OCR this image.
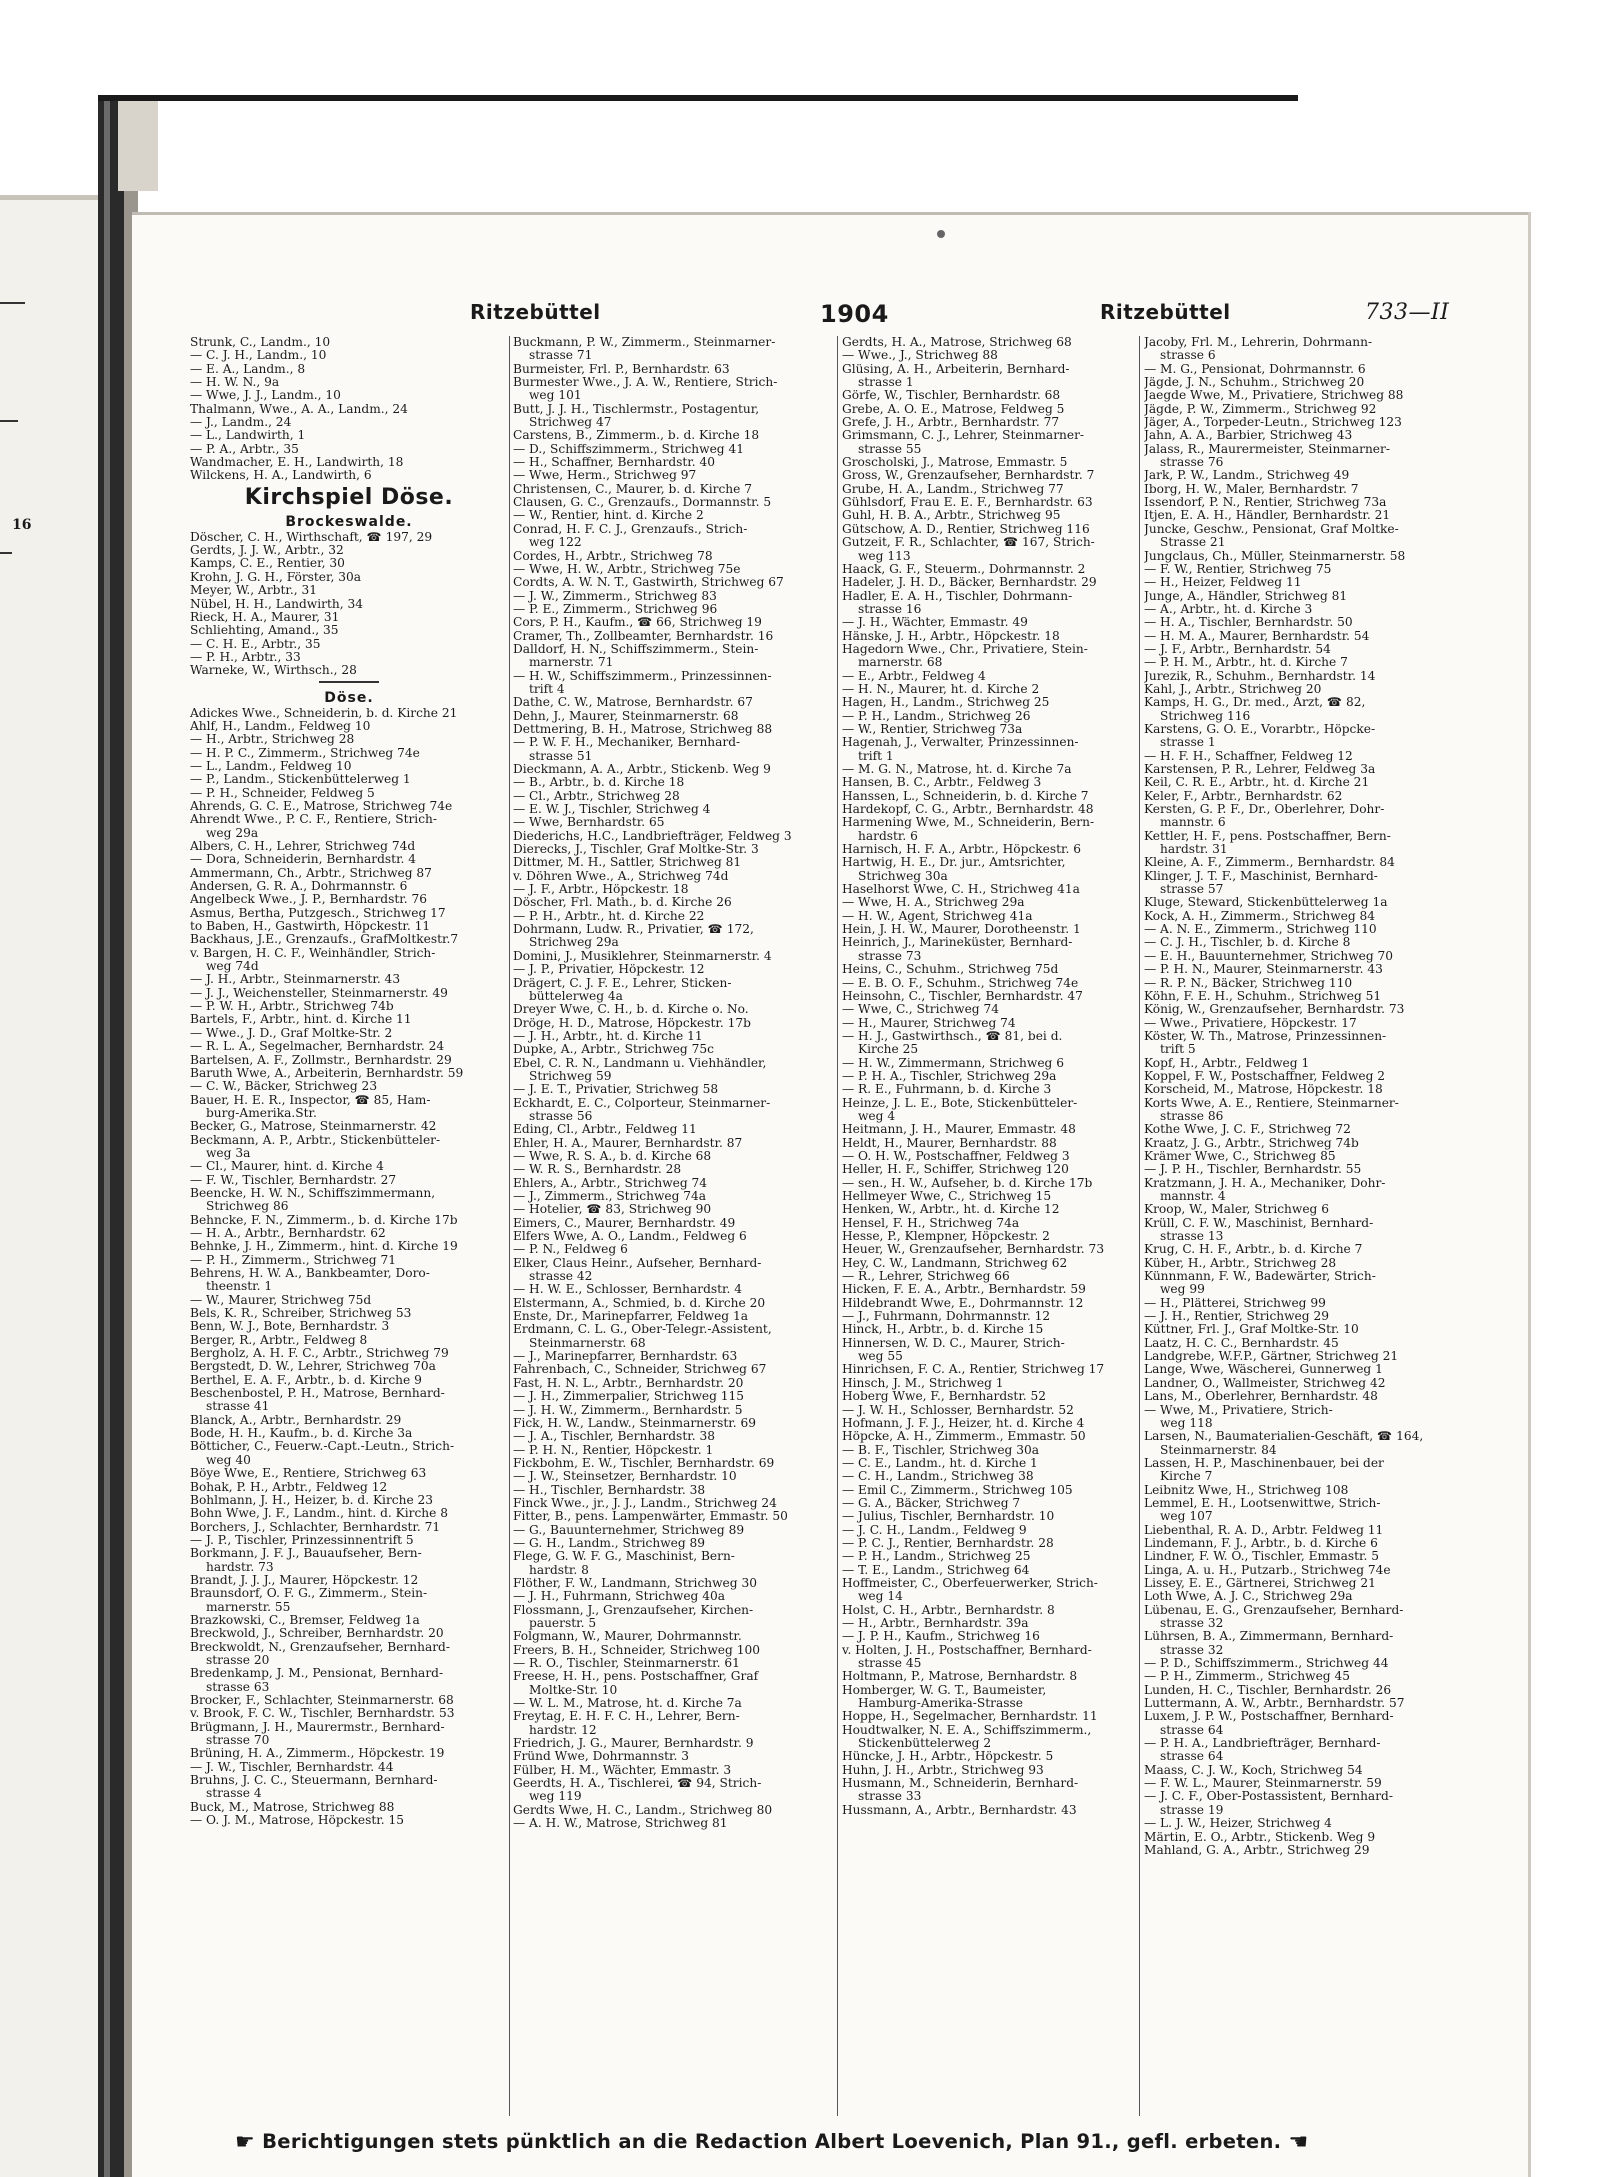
16
Ritzebüttel	1904	Ritzebüttel	733—II
Strunk, C., Landm., 10
— C. J. H., Landm., 10
— E. A., Landm., 8
— H. W. N., 9a
— Wwe, J. J., Landm., 10
Thalmann, Wwe., A. A., Landm., 24
— J., Landm., 24
— L., Landwirth, 1
— P. A., Arbtr., 35
Wandmacher, E. H., Landwirth, 18
Wilckens, H. A., Landwirth, 6
Kirchspiel Döse.
Brockeswalde.
Döscher, C. H., Wirthschaft, ☎ 197, 29
Gerdts, J. J. W., Arbtr., 32
Kamps, C. E., Rentier, 30
Krohn, J. G. H., Förster, 30a
Meyer, W., Arbtr., 31
Nübel, H. H., Landwirth, 34
Rieck, H. A., Maurer, 31
Schliehting, Amand., 35
— C. H. E., Arbtr., 35
— P. H., Arbtr., 33
Warneke, W., Wirthsch., 28
Döse.
Adickes Wwe., Schneiderin, b. d. Kirche 21
Ahlf, H., Landm., Feldweg 10
— H., Arbtr., Strichweg 28
— H. P. C., Zimmerm., Strichweg 74e
— L., Landm., Feldweg 10
— P., Landm., Stickenbüttelerweg 1
— P. H., Schneider, Feldweg 5
Ahrends, G. C. E., Matrose, Strichweg 74e
Ahrendt Wwe., P. C. F., Rentiere, Strich-
weg 29a
Albers, C. H., Lehrer, Strichweg 74d
— Dora, Schneiderin, Bernhardstr. 4
Ammermann, Ch., Arbtr., Strichweg 87
Andersen, G. R. A., Dohrmannstr. 6
Angelbeck Wwe., J. P., Bernhardstr. 76
Asmus, Bertha, Putzgesch., Strichweg 17
to Baben, H., Gastwirth, Höpckestr. 11
Backhaus, J.E., Grenzaufs., GrafMoltkestr.7
v. Bargen, H. C. F., Weinhändler, Strich-
weg 74d
— J. H., Arbtr., Steinmarnerstr. 43
— J. J., Weichensteller, Steinmarnerstr. 49
— P. W. H., Arbtr., Strichweg 74b
Bartels, F., Arbtr., hint. d. Kirche 11
— Wwe., J. D., Graf Moltke-Str. 2
— R. L. A., Segelmacher, Bernhardstr. 24
Bartelsen, A. F., Zollmstr., Bernhardstr. 29
Baruth Wwe, A., Arbeiterin, Bernhardstr. 59
— C. W., Bäcker, Strichweg 23
Bauer, H. E. R., Inspector, ☎ 85, Ham-
burg-Amerika.Str.
Becker, G., Matrose, Steinmarnerstr. 42
Beckmann, A. P., Arbtr., Stickenbütteler-
weg 3a
— Cl., Maurer, hint. d. Kirche 4
— F. W., Tischler, Bernhardstr. 27
Beencke, H. W. N., Schiffszimmermann,
Strichweg 86
Behncke, F. N., Zimmerm., b. d. Kirche 17b
— H. A., Arbtr., Bernhardstr. 62
Behnke, J. H., Zimmerm., hint. d. Kirche 19
— P. H., Zimmerm., Strichweg 71
Behrens, H. W. A., Bankbeamter, Doro-
theenstr. 1
— W., Maurer, Strichweg 75d
Bels, K. R., Schreiber, Strichweg 53
Benn, W. J., Bote, Bernhardstr. 3
Berger, R., Arbtr., Feldweg 8
Bergholz, A. H. F. C., Arbtr., Strichweg 79
Bergstedt, D. W., Lehrer, Strichweg 70a
Berthel, E. A. F., Arbtr., b. d. Kirche 9
Beschenbostel, P. H., Matrose, Bernhard-
strasse 41
Blanck, A., Arbtr., Bernhardstr. 29
Bode, H. H., Kaufm., b. d. Kirche 3a
Bötticher, C., Feuerw.-Capt.-Leutn., Strich-
weg 40
Böye Wwe, E., Rentiere, Strichweg 63
Bohak, P. H., Arbtr., Feldweg 12
Bohlmann, J. H., Heizer, b. d. Kirche 23
Bohn Wwe, J. F., Landm., hint. d. Kirche 8
Borchers, J., Schlachter, Bernhardstr. 71
— J. P., Tischler, Prinzessinnentrift 5
Borkmann, J. F. J., Bauaufseher, Bern-
hardstr. 73
Brandt, J. J. J., Maurer, Höpckestr. 12
Braunsdorf, O. F. G., Zimmerm., Stein-
marnerstr. 55
Brazkowski, C., Bremser, Feldweg 1a
Breckwold, J., Schreiber, Bernhardstr. 20
Breckwoldt, N., Grenzaufseher, Bernhard-
strasse 20
Bredenkamp, J. M., Pensionat, Bernhard-
strasse 63
Brocker, F., Schlachter, Steinmarnerstr. 68
v. Brook, F. C. W., Tischler, Bernhardstr. 53
Brügmann, J. H., Maurermstr., Bernhard-
strasse 70
Brüning, H. A., Zimmerm., Höpckestr. 19
— J. W., Tischler, Bernhardstr. 44
Bruhns, J. C. C., Steuermann, Bernhard-
strasse 4
Buck, M., Matrose, Strichweg 88
— O. J. M., Matrose, Höpckestr. 15
Buckmann, P. W., Zimmerm., Steinmarner-
strasse 71
Burmeister, Frl. P., Bernhardstr. 63
Burmester Wwe., J. A. W., Rentiere, Strich-
weg 101
Butt, J. J. H., Tischlermstr., Postagentur,
Strichweg 47
Carstens, B., Zimmerm., b. d. Kirche 18
— D., Schiffszimmerm., Strichweg 41
— H., Schaffner, Bernhardstr. 40
— Wwe, Herm., Strichweg 97
Christensen, C., Maurer, b. d. Kirche 7
Clausen, G. C., Grenzaufs., Dormannstr. 5
— W., Rentier, hint. d. Kirche 2
Conrad, H. F. C. J., Grenzaufs., Strich-
weg 122
Cordes, H., Arbtr., Strichweg 78
— Wwe, H. W., Arbtr., Strichweg 75e
Cordts, A. W. N. T., Gastwirth, Strichweg 67
— J. W., Zimmerm., Strichweg 83
— P. E., Zimmerm., Strichweg 96
Cors, P. H., Kaufm., ☎ 66, Strichweg 19
Cramer, Th., Zollbeamter, Bernhardstr. 16
Dalldorf, H. N., Schiffszimmerm., Stein-
marnerstr. 71
— H. W., Schiffszimmerm., Prinzessinnen-
trift 4
Dathe, C. W., Matrose, Bernhardstr. 67
Dehn, J., Maurer, Steinmarnerstr. 68
Dettmering, B. H., Matrose, Strichweg 88
— P. W. F. H., Mechaniker, Bernhard-
strasse 51
Dieckmann, A. A., Arbtr., Stickenb. Weg 9
— B., Arbtr., b. d. Kirche 18
— Cl., Arbtr., Strichweg 28
— E. W. J., Tischler, Strichweg 4
— Wwe, Bernhardstr. 65
Diederichs, H.C., Landbriefträger, Feldweg 3
Dierecks, J., Tischler, Graf Moltke-Str. 3
Dittmer, M. H., Sattler, Strichweg 81
v. Döhren Wwe., A., Strichweg 74d
— J. F., Arbtr., Höpckestr. 18
Döscher, Frl. Math., b. d. Kirche 26
— P. H., Arbtr., ht. d. Kirche 22
Dohrmann, Ludw. R., Privatier, ☎ 172,
Strichweg 29a
Domini, J., Musiklehrer, Steinmarnerstr. 4
— J. P., Privatier, Höpckestr. 12
Drägert, C. J. F. E., Lehrer, Sticken-
büttelerweg 4a
Dreyer Wwe, C. H., b. d. Kirche o. No.
Dröge, H. D., Matrose, Höpckestr. 17b
— J. H., Arbtr., ht. d. Kirche 11
Dupke, A., Arbtr., Strichweg 75c
Ebel, C. R. N., Landmann u. Viehhändler,
Strichweg 59
— J. E. T., Privatier, Strichweg 58
Eckhardt, E. C., Colporteur, Steinmarner-
strasse 56
Eding, Cl., Arbtr., Feldweg 11
Ehler, H. A., Maurer, Bernhardstr. 87
— Wwe, R. S. A., b. d. Kirche 68
— W. R. S., Bernhardstr. 28
Ehlers, A., Arbtr., Strichweg 74
— J., Zimmerm., Strichweg 74a
— Hotelier, ☎ 83, Strichweg 90
Eimers, C., Maurer, Bernhardstr. 49
Elfers Wwe, A. O., Landm., Feldweg 6
— P. N., Feldweg 6
Elker, Claus Heinr., Aufseher, Bernhard-
strasse 42
— H. W. E., Schlosser, Bernhardstr. 4
Elstermann, A., Schmied, b. d. Kirche 20
Enste, Dr., Marinepfarrer, Feldweg 1a
Erdmann, C. L. G., Ober-Telegr.-Assistent,
Steinmarnerstr. 68
— J., Marinepfarrer, Bernhardstr. 63
Fahrenbach, C., Schneider, Strichweg 67
Fast, H. N. L., Arbtr., Bernhardstr. 20
— J. H., Zimmerpalier, Strichweg 115
— J. H. W., Zimmerm., Bernhardstr. 5
Fick, H. W., Landw., Steinmarnerstr. 69
— J. A., Tischler, Bernhardstr. 38
— P. H. N., Rentier, Höpckestr. 1
Fickbohm, E. W., Tischler, Bernhardstr. 69
— J. W., Steinsetzer, Bernhardstr. 10
— H., Tischler, Bernhardstr. 38
Finck Wwe., jr., J. J., Landm., Strichweg 24
Fitter, B., pens. Lampenwärter, Emmastr. 50
— G., Bauunternehmer, Strichweg 89
— G. H., Landm., Strichweg 89
Flege, G. W. F. G., Maschinist, Bern-
hardstr. 8
Flöther, F. W., Landmann, Strichweg 30
— J. H., Fuhrmann, Strichweg 40a
Flossmann, J., Grenzaufseher, Kirchen-
pauerstr. 5
Folgmann, W., Maurer, Dohrmannstr.
Freers, B. H., Schneider, Strichweg 100
— R. O., Tischler, Steinmarnerstr. 61
Freese, H. H., pens. Postschaffner, Graf
Moltke-Str. 10
— W. L. M., Matrose, ht. d. Kirche 7a
Freytag, E. H. F. C. H., Lehrer, Bern-
hardstr. 12
Friedrich, J. G., Maurer, Bernhardstr. 9
Fründ Wwe, Dohrmannstr. 3
Fülber, H. M., Wächter, Emmastr. 3
Geerdts, H. A., Tischlerei, ☎ 94, Strich-
weg 119
Gerdts Wwe, H. C., Landm., Strichweg 80
— A. H. W., Matrose, Strichweg 81
Gerdts, H. A., Matrose, Strichweg 68
— Wwe., J., Strichweg 88
Glüsing, A. H., Arbeiterin, Bernhard-
strasse 1
Görfe, W., Tischler, Bernhardstr. 68
Grebe, A. O. E., Matrose, Feldweg 5
Grefe, J. H., Arbtr., Bernhardstr. 77
Grimsmann, C. J., Lehrer, Steinmarner-
strasse 55
Groscholski, J., Matrose, Emmastr. 5
Gross, W., Grenzaufseher, Bernhardstr. 7
Grube, H. A., Landm., Strichweg 77
Gühlsdorf, Frau E. E. F., Bernhardstr. 63
Guhl, H. B. A., Arbtr., Strichweg 95
Gütschow, A. D., Rentier, Strichweg 116
Gutzeit, F. R., Schlachter, ☎ 167, Strich-
weg 113
Haack, G. F., Steuerm., Dohrmannstr. 2
Hadeler, J. H. D., Bäcker, Bernhardstr. 29
Hadler, E. A. H., Tischler, Dohrmann-
strasse 16
— J. H., Wächter, Emmastr. 49
Hänske, J. H., Arbtr., Höpckestr. 18
Hagedorn Wwe., Chr., Privatiere, Stein-
marnerstr. 68
— E., Arbtr., Feldweg 4
— H. N., Maurer, ht. d. Kirche 2
Hagen, H., Landm., Strichweg 25
— P. H., Landm., Strichweg 26
— W., Rentier, Strichweg 73a
Hagenah, J., Verwalter, Prinzessinnen-
trift 1
— M. G. N., Matrose, ht. d. Kirche 7a
Hansen, B. C., Arbtr., Feldweg 3
Hanssen, L., Schneiderin, b. d. Kirche 7
Hardekopf, C. G., Arbtr., Bernhardstr. 48
Harmening Wwe, M., Schneiderin, Bern-
hardstr. 6
Harnisch, H. F. A., Arbtr., Höpckestr. 6
Hartwig, H. E., Dr. jur., Amtsrichter,
Strichweg 30a
Haselhorst Wwe, C. H., Strichweg 41a
— Wwe, H. A., Strichweg 29a
— H. W., Agent, Strichweg 41a
Hein, J. H. W., Maurer, Dorotheenstr. 1
Heinrich, J., Marineküster, Bernhard-
strasse 73
Heins, C., Schuhm., Strichweg 75d
— E. B. O. F., Schuhm., Strichweg 74e
Heinsohn, C., Tischler, Bernhardstr. 47
— Wwe, C., Strichweg 74
— H., Maurer, Strichweg 74
— H. J., Gastwirthsch., ☎ 81, bei d.
Kirche 25
— H. W., Zimmermann, Strichweg 6
— P. H. A., Tischler, Strichweg 29a
— R. E., Fuhrmann, b. d. Kirche 3
Heinze, J. L. E., Bote, Stickenbütteler-
weg 4
Heitmann, J. H., Maurer, Emmastr. 48
Heldt, H., Maurer, Bernhardstr. 88
— O. H. W., Postschaffner, Feldweg 3
Heller, H. F., Schiffer, Strichweg 120
— sen., H. W., Aufseher, b. d. Kirche 17b
Hellmeyer Wwe, C., Strichweg 15
Henken, W., Arbtr., ht. d. Kirche 12
Hensel, F. H., Strichweg 74a
Hesse, P., Klempner, Höpckestr. 2
Heuer, W., Grenzaufseher, Bernhardstr. 73
Hey, C. W., Landmann, Strichweg 62
— R., Lehrer, Strichweg 66
Hicken, F. E. A., Arbtr., Bernhardstr. 59
Hildebrandt Wwe, E., Dohrmannstr. 12
— J., Fuhrmann, Dohrmannstr. 12
Hinck, H., Arbtr., b. d. Kirche 15
Hinnersen, W. D. C., Maurer, Strich-
weg 55
Hinrichsen, F. C. A., Rentier, Strichweg 17
Hinsch, J. M., Strichweg 1
Hoberg Wwe, F., Bernhardstr. 52
— J. W. H., Schlosser, Bernhardstr. 52
Hofmann, J. F. J., Heizer, ht. d. Kirche 4
Höpcke, A. H., Zimmerm., Emmastr. 50
— B. F., Tischler, Strichweg 30a
— C. E., Landm., ht. d. Kirche 1
— C. H., Landm., Strichweg 38
— Emil C., Zimmerm., Strichweg 105
— G. A., Bäcker, Strichweg 7
— Julius, Tischler, Bernhardstr. 10
— J. C. H., Landm., Feldweg 9
— P. C. J., Rentier, Bernhardstr. 28
— P. H., Landm., Strichweg 25
— T. E., Landm., Strichweg 64
Hoffmeister, C., Oberfeuerwerker, Strich-
weg 14
Holst, C. H., Arbtr., Bernhardstr. 8
— H., Arbtr., Bernhardstr. 39a
— J. P. H., Kaufm., Strichweg 16
v. Holten, J. H., Postschaffner, Bernhard-
strasse 45
Holtmann, P., Matrose, Bernhardstr. 8
Homberger, W. G. T., Baumeister,
Hamburg-Amerika-Strasse
Hoppe, H., Segelmacher, Bernhardstr. 11
Houdtwalker, N. E. A., Schiffszimmerm.,
Stickenbüttelerweg 2
Hüncke, J. H., Arbtr., Höpckestr. 5
Huhn, J. H., Arbtr., Strichweg 93
Husmann, M., Schneiderin, Bernhard-
strasse 33
Hussmann, A., Arbtr., Bernhardstr. 43
Jacoby, Frl. M., Lehrerin, Dohrmann-
strasse 6
— M. G., Pensionat, Dohrmannstr. 6
Jägde, J. N., Schuhm., Strichweg 20
Jaegde Wwe, M., Privatiere, Strichweg 88
Jägde, P. W., Zimmerm., Strichweg 92
Jäger, A., Torpeder-Leutn., Strichweg 123
Jahn, A. A., Barbier, Strichweg 43
Jalass, R., Maurermeister, Steinmarner-
strasse 76
Jark, P. W., Landm., Strichweg 49
Iborg, H. W., Maler, Bernhardstr. 7
Issendorf, P. N., Rentier, Strichweg 73a
Itjen, E. A. H., Händler, Bernhardstr. 21
Juncke, Geschw., Pensionat, Graf Moltke-
Strasse 21
Jungclaus, Ch., Müller, Steinmarnerstr. 58
— F. W., Rentier, Strichweg 75
— H., Heizer, Feldweg 11
Junge, A., Händler, Strichweg 81
— A., Arbtr., ht. d. Kirche 3
— H. A., Tischler, Bernhardstr. 50
— H. M. A., Maurer, Bernhardstr. 54
— J. F., Arbtr., Bernhardstr. 54
— P. H. M., Arbtr., ht. d. Kirche 7
Jurezik, R., Schuhm., Bernhardstr. 14
Kahl, J., Arbtr., Strichweg 20
Kamps, H. G., Dr. med., Arzt, ☎ 82,
Strichweg 116
Karstens, G. O. E., Vorarbtr., Höpcke-
strasse 1
— H. F. H., Schaffner, Feldweg 12
Karstensen, P. R., Lehrer, Feldweg 3a
Keil, C. R. E., Arbtr., ht. d. Kirche 21
Keler, F., Arbtr., Bernhardstr. 62
Kersten, G. P. F., Dr., Oberlehrer, Dohr-
mannstr. 6
Kettler, H. F., pens. Postschaffner, Bern-
hardstr. 31
Kleine, A. F., Zimmerm., Bernhardstr. 84
Klinger, J. T. F., Maschinist, Bernhard-
strasse 57
Kluge, Steward, Stickenbüttelerweg 1a
Kock, A. H., Zimmerm., Strichweg 84
— A. N. E., Zimmerm., Strichweg 110
— C. J. H., Tischler, b. d. Kirche 8
— E. H., Bauunternehmer, Strichweg 70
— P. H. N., Maurer, Steinmarnerstr. 43
— R. P. N., Bäcker, Strichweg 110
Köhn, F. E. H., Schuhm., Strichweg 51
König, W., Grenzaufseher, Bernhardstr. 73
— Wwe., Privatiere, Höpckestr. 17
Köster, W. Th., Matrose, Prinzessinnen-
trift 5
Kopf, H., Arbtr., Feldweg 1
Koppel, F. W., Postschaffner, Feldweg 2
Korscheid, M., Matrose, Höpckestr. 18
Korts Wwe, A. E., Rentiere, Steinmarner-
strasse 86
Kothe Wwe, J. C. F., Strichweg 72
Kraatz, J. G., Arbtr., Strichweg 74b
Krämer Wwe, C., Strichweg 85
— J. P. H., Tischler, Bernhardstr. 55
Kratzmann, J. H. A., Mechaniker, Dohr-
mannstr. 4
Kroop, W., Maler, Strichweg 6
Krüll, C. F. W., Maschinist, Bernhard-
strasse 13
Krug, C. H. F., Arbtr., b. d. Kirche 7
Küber, H., Arbtr., Strichweg 28
Künnmann, F. W., Badewärter, Strich-
weg 99
— H., Plätterei, Strichweg 99
— J. H., Rentier, Strichweg 29
Küttner, Frl. J., Graf Moltke-Str. 10
Laatz, H. C. C., Bernhardstr. 45
Landgrebe, W.F.P., Gärtner, Strichweg 21
Lange, Wwe, Wäscherei, Gunnerweg 1
Landner, O., Wallmeister, Strichweg 42
Lans, M., Oberlehrer, Bernhardstr. 48
— Wwe, M., Privatiere, Strich-
weg 118
Larsen, N., Baumaterialien-Geschäft, ☎ 164,
Steinmarnerstr. 84
Lassen, H. P., Maschinenbauer, bei der
Kirche 7
Leibnitz Wwe, H., Strichweg 108
Lemmel, E. H., Lootsenwittwe, Strich-
weg 107
Liebenthal, R. A. D., Arbtr. Feldweg 11
Lindemann, F. J., Arbtr., b. d. Kirche 6
Lindner, F. W. O., Tischler, Emmastr. 5
Linga, A. u. H., Putzarb., Strichweg 74e
Lissey, E. E., Gärtnerei, Strichweg 21
Loth Wwe, A. J. C., Strichweg 29a
Lübenau, E. G., Grenzaufseher, Bernhard-
strasse 32
Lührsen, B. A., Zimmermann, Bernhard-
strasse 32
— P. D., Schiffszimmerm., Strichweg 44
— P. H., Zimmerm., Strichweg 45
Lunden, H. C., Tischler, Bernhardstr. 26
Luttermann, A. W., Arbtr., Bernhardstr. 57
Luxem, J. P. W., Postschaffner, Bernhard-
strasse 64
— P. H. A., Landbriefträger, Bernhard-
strasse 64
Maass, C. J. W., Koch, Strichweg 54
— F. W. L., Maurer, Steinmarnerstr. 59
— J. C. F., Ober-Postassistent, Bernhard-
strasse 19
— L. J. W., Heizer, Strichweg 4
Märtin, E. O., Arbtr., Stickenb. Weg 9
Mahland, G. A., Arbtr., Strichweg 29
☛ Berichtigungen stets pünktlich an die Redaction Albert Loevenich, Plan 91., gefl. erbeten. ☚
